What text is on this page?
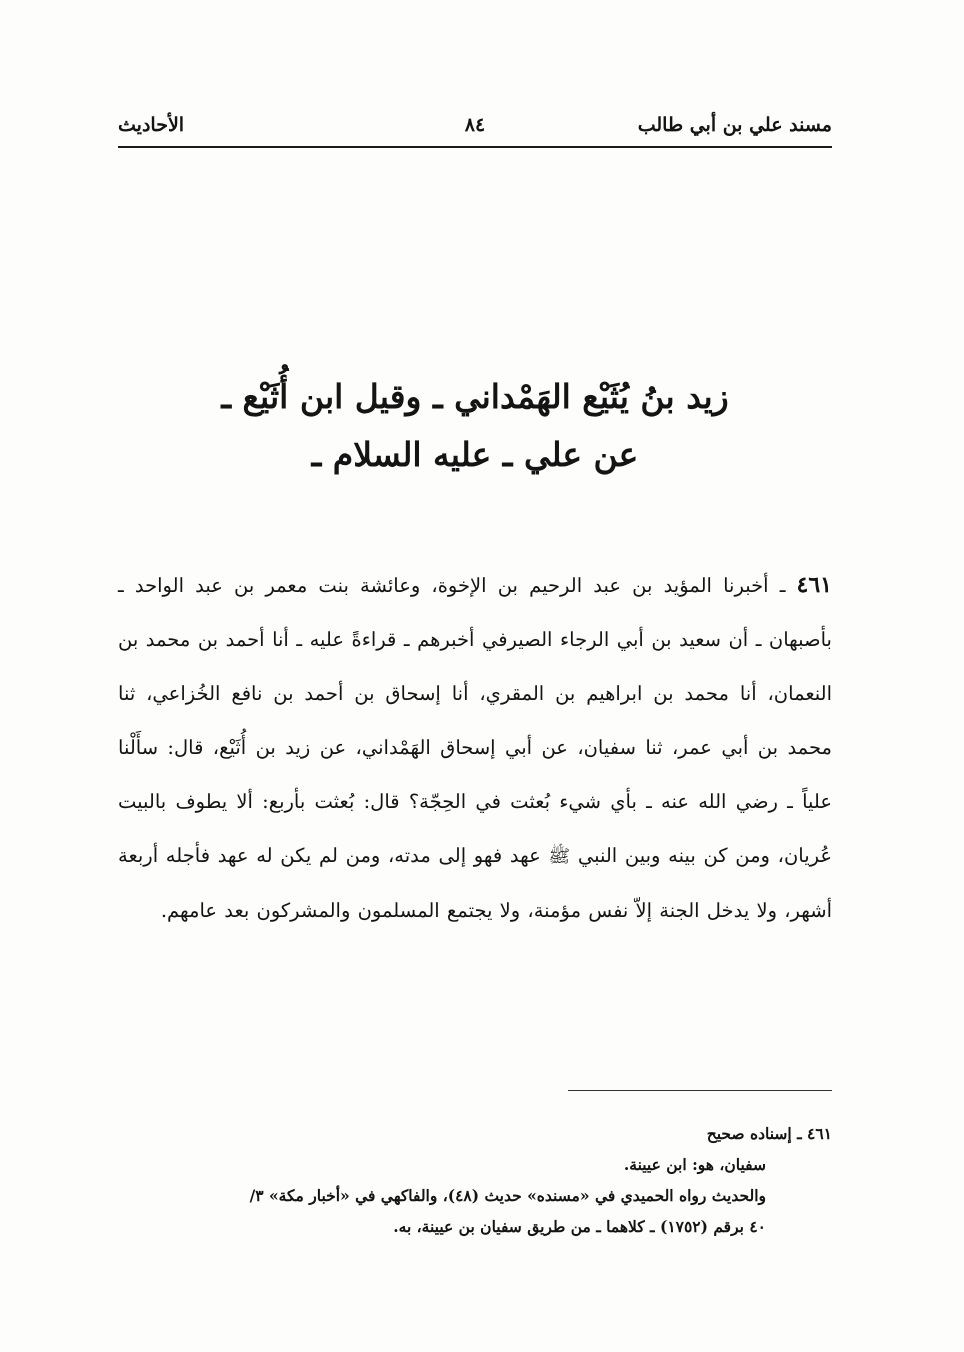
مسند علي بن أبي طالب
٨٤
الأحاديث
زيد بنُ يُثَيْع الهَمْداني ـ وقيل ابن أُثَيْع ـ
عن علي ـ عليه السلام ـ
٤٦١ ـ أخبرنا المؤيد بن عبد الرحيم بن الإخوة، وعائشة بنت معمر بن عبد الواحد ـ بأصبهان ـ أن سعيد بن أبي الرجاء الصيرفي أخبرهم ـ قراءةً عليه ـ أنا أحمد بن محمد بن النعمان، أنا محمد بن ابراهيم بن المقري، أنا إسحاق بن أحمد بن نافع الخُزاعي، ثنا محمد بن أبي عمر، ثنا سفيان، عن أبي إسحاق الهَمْداني، عن زيد بن أُثَيْع، قال: سأَلْنا علياً ـ رضي الله عنه ـ بأي شيء بُعثت في الحِجّة؟ قال: بُعثت بأربع: ألا يطوف بالبيت عُريان، ومن كن بينه وبين النبي ﷺ عهد فهو إلى مدته، ومن لم يكن له عهد فأجله أربعة أشهر، ولا يدخل الجنة إلاّ نفس مؤمنة، ولا يجتمع المسلمون والمشركون بعد عامهم.
٤٦١ ـ إسناده صحيح
سفيان، هو: ابن عيينة.
والحديث رواه الحميدي في «مسنده» حديث (٤٨)، والفاكهي في «أخبار مكة» ٣/
٤٠ برقم (١٧٥٢) ـ كلاهما ـ من طريق سفيان بن عيينة، به.
